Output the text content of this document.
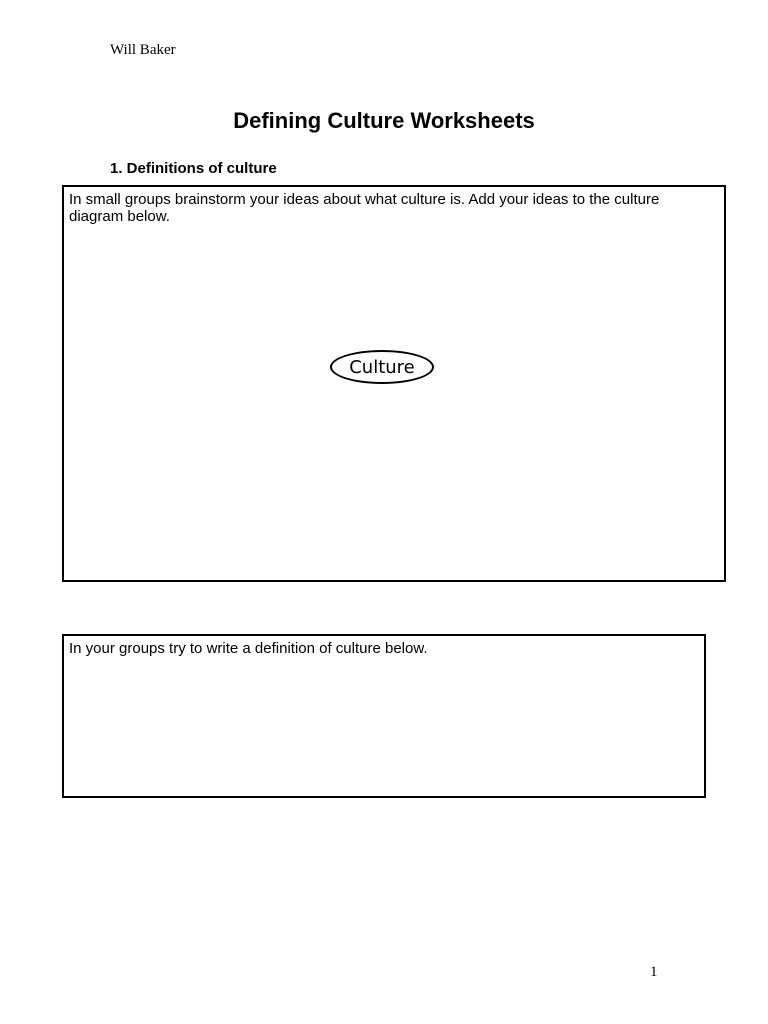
Will Baker
Defining Culture Worksheets
1. Definitions of culture
In small groups brainstorm your ideas about what culture is. Add your ideas to the culture diagram below.
Culture
In your groups try to write a definition of culture below.
1
